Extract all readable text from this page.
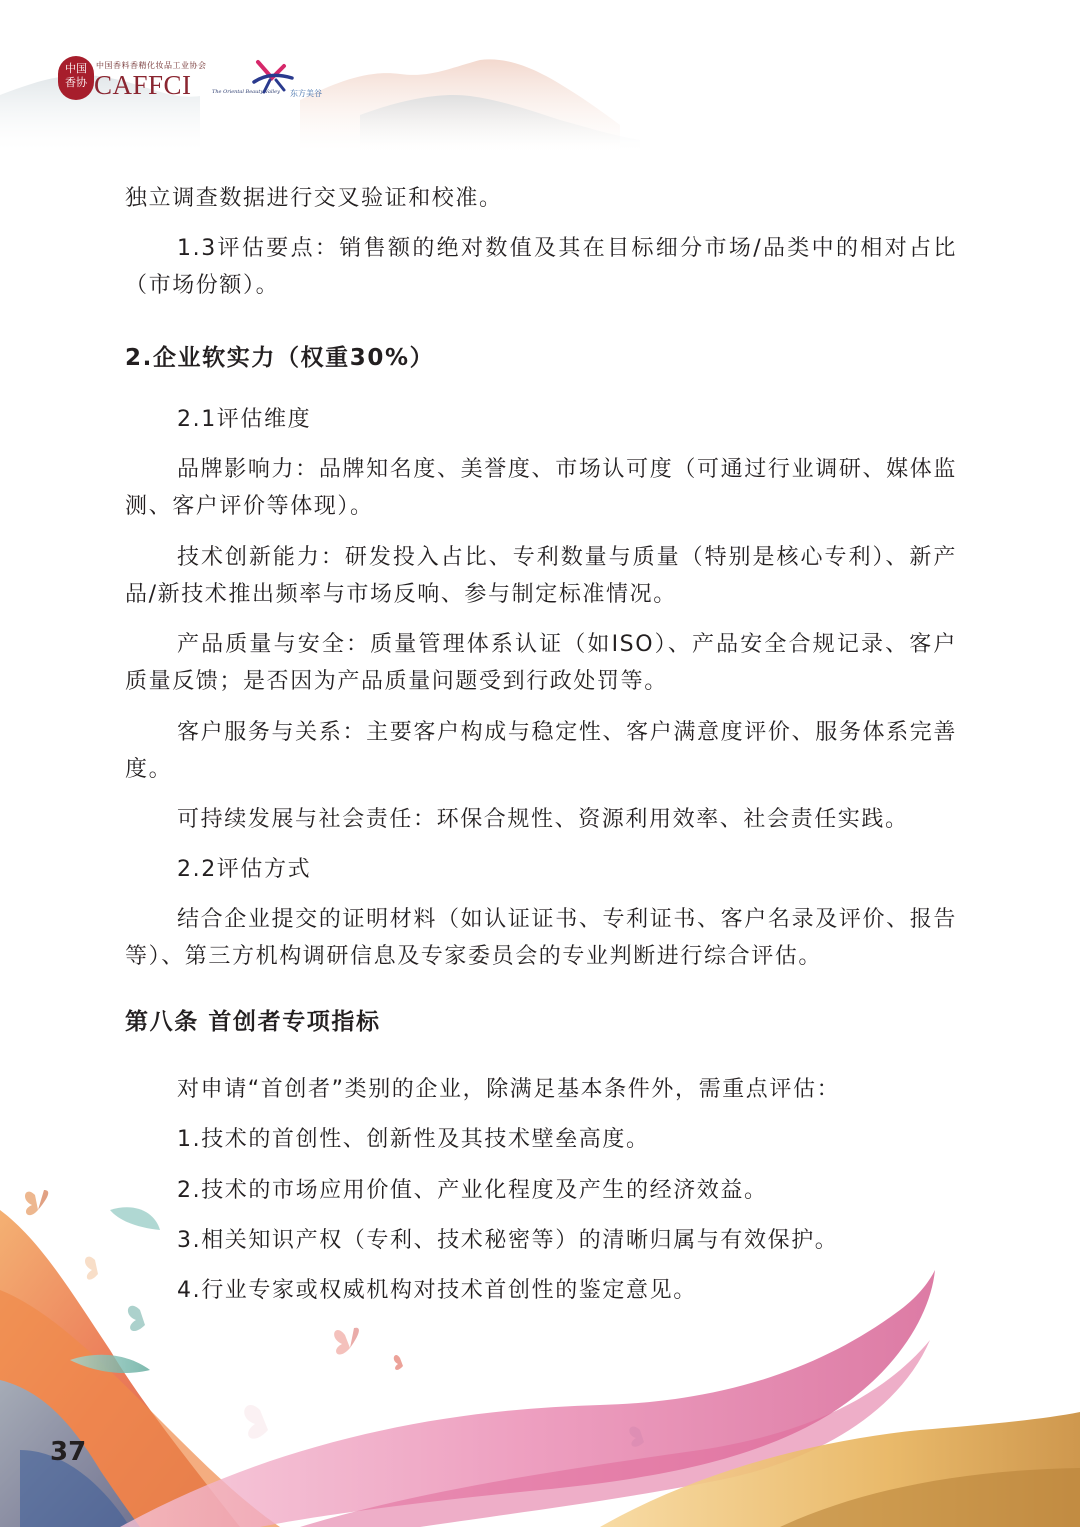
中国
香协
中国香料香精化妆品工业协会
CAFFCI	The Oriental Beauty Valley 东方美谷

独立调查数据进行交叉验证和校准。

1.3评估要点：销售额的绝对数值及其在目标细分市场/品类中的相对占比（市场份额）。

2.企业软实力（权重30%）

2.1评估维度

品牌影响力：品牌知名度、美誉度、市场认可度（可通过行业调研、媒体监测、客户评价等体现）。

技术创新能力：研发投入占比、专利数量与质量（特别是核心专利）、新产品/新技术推出频率与市场反响、参与制定标准情况。

产品质量与安全：质量管理体系认证（如ISO）、产品安全合规记录、客户质量反馈；是否因为产品质量问题受到行政处罚等。

客户服务与关系：主要客户构成与稳定性、客户满意度评价、服务体系完善度。

可持续发展与社会责任：环保合规性、资源利用效率、社会责任实践。

2.2评估方式

结合企业提交的证明材料（如认证证书、专利证书、客户名录及评价、报告等）、第三方机构调研信息及专家委员会的专业判断进行综合评估。

第八条 首创者专项指标

对申请“首创者”类别的企业，除满足基本条件外，需重点评估：

1.技术的首创性、创新性及其技术壁垒高度。

2.技术的市场应用价值、产业化程度及产生的经济效益。

3.相关知识产权（专利、技术秘密等）的清晰归属与有效保护。

4.行业专家或权威机构对技术首创性的鉴定意见。

37
